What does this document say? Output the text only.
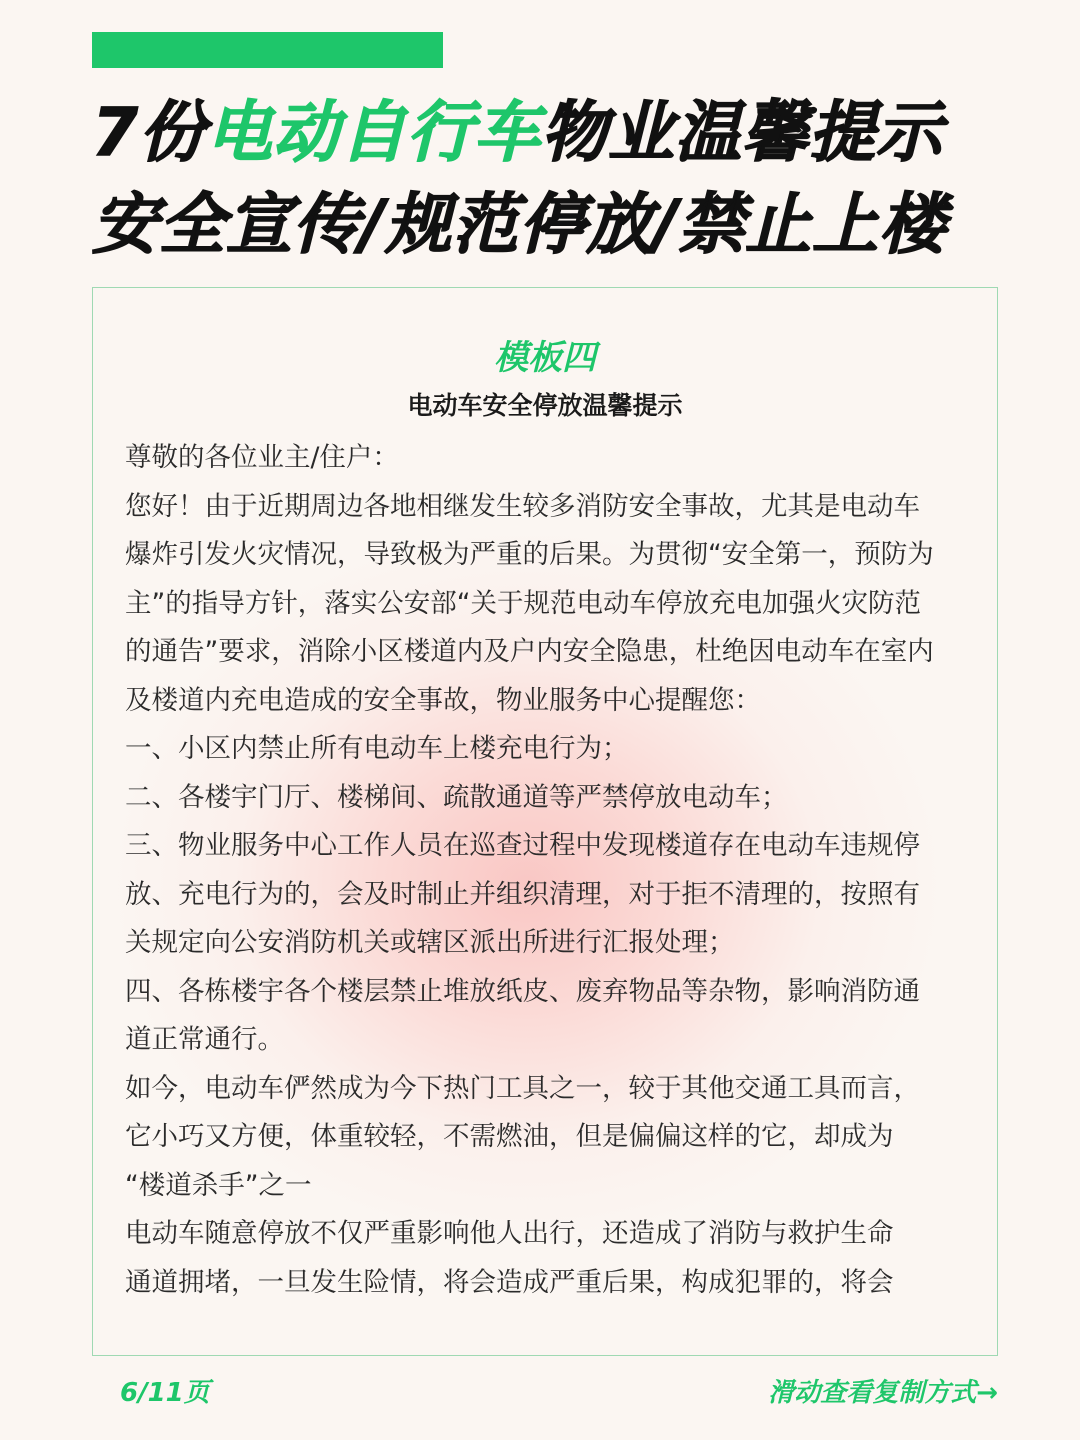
7份电动自行车物业温馨提示
安全宣传/规范停放/禁止上楼
模板四
电动车安全停放温馨提示
尊敬的各位业主/住户：
您好！由于近期周边各地相继发生较多消防安全事故，尤其是电动车
爆炸引发火灾情况，导致极为严重的后果。为贯彻“安全第一，预防为
主”的指导方针，落实公安部“关于规范电动车停放充电加强火灾防范
的通告”要求，消除小区楼道内及户内安全隐患，杜绝因电动车在室内
及楼道内充电造成的安全事故，物业服务中心提醒您：
一、小区内禁止所有电动车上楼充电行为；
二、各楼宇门厅、楼梯间、疏散通道等严禁停放电动车；
三、物业服务中心工作人员在巡查过程中发现楼道存在电动车违规停
放、充电行为的，会及时制止并组织清理，对于拒不清理的，按照有
关规定向公安消防机关或辖区派出所进行汇报处理；
四、各栋楼宇各个楼层禁止堆放纸皮、废弃物品等杂物，影响消防通
道正常通行。
如今，电动车俨然成为今下热门工具之一，较于其他交通工具而言，
它小巧又方便，体重较轻，不需燃油，但是偏偏这样的它，却成为
“楼道杀手”之一
电动车随意停放不仅严重影响他人出行，还造成了消防与救护生命
通道拥堵，一旦发生险情，将会造成严重后果，构成犯罪的，将会
6/11页	滑动查看复制方式→
